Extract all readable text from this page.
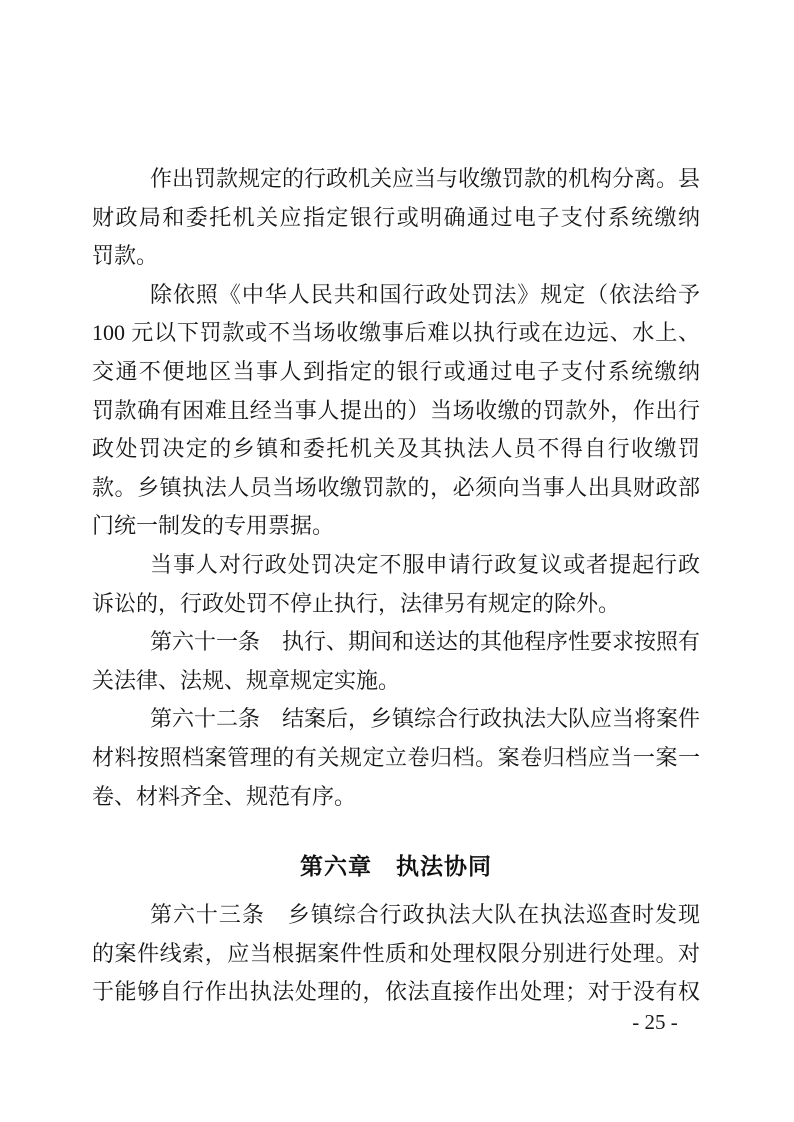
作出罚款规定的行政机关应当与收缴罚款的机构分离。县
财政局和委托机关应指定银行或明确通过电子支付系统缴纳
罚款。
除依照《中华人民共和国行政处罚法》规定（依法给予
100 元以下罚款或不当场收缴事后难以执行或在边远、水上、
交通不便地区当事人到指定的银行或通过电子支付系统缴纳
罚款确有困难且经当事人提出的）当场收缴的罚款外，作出行
政处罚决定的乡镇和委托机关及其执法人员不得自行收缴罚
款。乡镇执法人员当场收缴罚款的，必须向当事人出具财政部
门统一制发的专用票据。
当事人对行政处罚决定不服申请行政复议或者提起行政
诉讼的，行政处罚不停止执行，法律另有规定的除外。
第六十一条　执行、期间和送达的其他程序性要求按照有
关法律、法规、规章规定实施。
第六十二条　结案后，乡镇综合行政执法大队应当将案件
材料按照档案管理的有关规定立卷归档。案卷归档应当一案一
卷、材料齐全、规范有序。
第六章　执法协同
第六十三条　乡镇综合行政执法大队在执法巡查时发现
的案件线索，应当根据案件性质和处理权限分别进行处理。对
于能够自行作出执法处理的，依法直接作出处理；对于没有权
- 25 -
